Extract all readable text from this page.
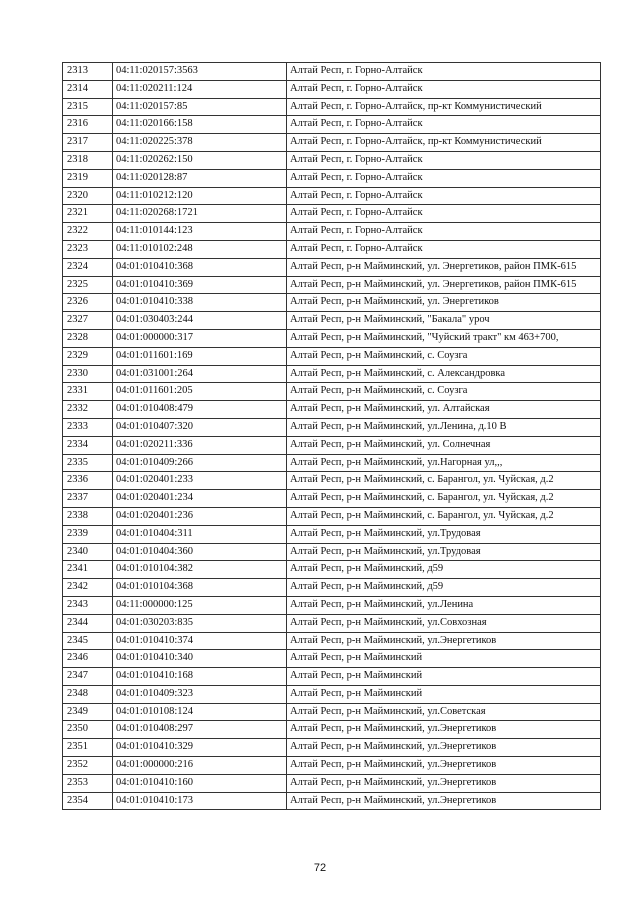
2313	04:11:020157:3563	Алтай Респ, г. Горно-Алтайск
2314	04:11:020211:124	Алтай Респ, г. Горно-Алтайск
2315	04:11:020157:85	Алтай Респ, г. Горно-Алтайск, пр-кт Коммунистический
2316	04:11:020166:158	Алтай Респ, г. Горно-Алтайск
2317	04:11:020225:378	Алтай Респ, г. Горно-Алтайск, пр-кт Коммунистический
2318	04:11:020262:150	Алтай Респ, г. Горно-Алтайск
2319	04:11:020128:87	Алтай Респ, г. Горно-Алтайск
2320	04:11:010212:120	Алтай Респ, г. Горно-Алтайск
2321	04:11:020268:1721	Алтай Респ, г. Горно-Алтайск
2322	04:11:010144:123	Алтай Респ, г. Горно-Алтайск
2323	04:11:010102:248	Алтай Респ, г. Горно-Алтайск
2324	04:01:010410:368	Алтай Респ, р-н Майминский, ул. Энергетиков, район ПМК-615
2325	04:01:010410:369	Алтай Респ, р-н Майминский, ул. Энергетиков, район ПМК-615
2326	04:01:010410:338	Алтай Респ, р-н Майминский, ул. Энергетиков
2327	04:01:030403:244	Алтай Респ, р-н Майминский, "Бакала" уроч
2328	04:01:000000:317	Алтай Респ, р-н Майминский, "Чуйский тракт" км 463+700,
2329	04:01:011601:169	Алтай Респ, р-н Майминский, с. Соузга
2330	04:01:031001:264	Алтай Респ, р-н Майминский, с. Александровка
2331	04:01:011601:205	Алтай Респ, р-н Майминский, с. Соузга
2332	04:01:010408:479	Алтай Респ, р-н Майминский, ул. Алтайская
2333	04:01:010407:320	Алтай Респ, р-н Майминский, ул.Ленина, д.10 В
2334	04:01:020211:336	Алтай Респ, р-н Майминский, ул. Солнечная
2335	04:01:010409:266	Алтай Респ, р-н Майминский, ул.Нагорная ул,,,
2336	04:01:020401:233	Алтай Респ, р-н Майминский, с. Барангол, ул. Чуйская, д.2
2337	04:01:020401:234	Алтай Респ, р-н Майминский, с. Барангол, ул. Чуйская, д.2
2338	04:01:020401:236	Алтай Респ, р-н Майминский, с. Барангол, ул. Чуйская, д.2
2339	04:01:010404:311	Алтай Респ, р-н Майминский, ул.Трудовая
2340	04:01:010404:360	Алтай Респ, р-н Майминский, ул.Трудовая
2341	04:01:010104:382	Алтай Респ, р-н Майминский, д59
2342	04:01:010104:368	Алтай Респ, р-н Майминский, д59
2343	04:11:000000:125	Алтай Респ, р-н Майминский, ул.Ленина
2344	04:01:030203:835	Алтай Респ, р-н Майминский, ул.Совхозная
2345	04:01:010410:374	Алтай Респ, р-н Майминский, ул.Энергетиков
2346	04:01:010410:340	Алтай Респ, р-н Майминский
2347	04:01:010410:168	Алтай Респ, р-н Майминский
2348	04:01:010409:323	Алтай Респ, р-н Майминский
2349	04:01:010108:124	Алтай Респ, р-н Майминский, ул.Советская
2350	04:01:010408:297	Алтай Респ, р-н Майминский, ул.Энергетиков
2351	04:01:010410:329	Алтай Респ, р-н Майминский, ул.Энергетиков
2352	04:01:000000:216	Алтай Респ, р-н Майминский, ул.Энергетиков
2353	04:01:010410:160	Алтай Респ, р-н Майминский, ул.Энергетиков
2354	04:01:010410:173	Алтай Респ, р-н Майминский, ул.Энергетиков
72
